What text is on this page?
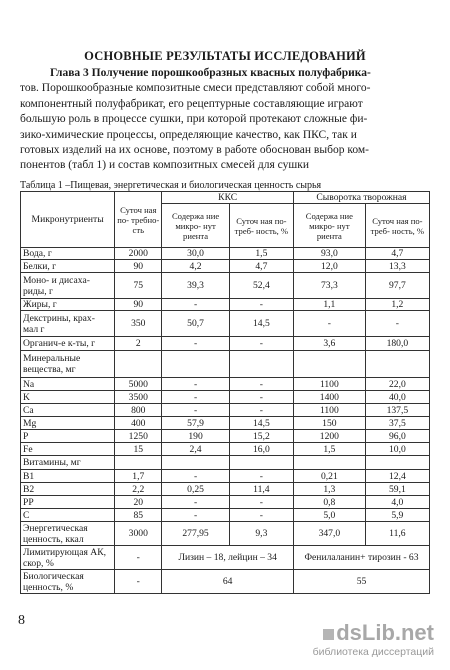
ОСНОВНЫЕ РЕЗУЛЬТАТЫ ИССЛЕДОВАНИЙ
Глава 3 Получение порошкообразных квасных полуфабрика-
тов. Порошкообразные композитные смеси представляют собой много-
компонентный полуфабрикат, его рецептурные составляющие играют
большую роль в процессе сушки, при которой протекают сложные фи-
зико-химические процессы, определяющие качество, как ПКС, так и
готовых изделий на их основе, поэтому в работе обоснован выбор ком-
понентов (табл 1) и состав композитных смесей для сушки
Таблица 1 –Пищевая, энергетическая и биологическая ценность сырья
Микронутриенты	Суточ ная по- требно- сть	ККС		Сыворотка творожная	
		Содержа ние микро- нут риента	Суточ ная по- треб- ность, %	Содержа ние микро- нут риента	Суточ ная по- треб- ность, %
Вода, г	2000	30,0	1,5	93,0	4,7
Белки, г	90	4,2	4,7	12,0	13,3
Моно- и дисаха- риды, г	75	39,3	52,4	73,3	97,7
Жиры, г	90	-	-	1,1	1,2
Декстрины, крах- мал г	350	50,7	14,5	-	-
Органич-е к-ты, г	2	-	-	3,6	180,0
Минеральные вещества, мг					
Na	5000	-	-	1100	22,0
K	3500	-	-	1400	40,0
Ca	800	-	-	1100	137,5
Mg	400	57,9	14,5	150	37,5
P	1250	190	15,2	1200	96,0
Fe	15	2,4	16,0	1,5	10,0
Витамины, мг					
B1	1,7	-	-	0,21	12,4
B2	2,2	0,25	11,4	1,3	59,1
PP	20	-	-	0,8	4,0
C	85	-	-	5,0	5,9
Энергетическая ценность, ккал	3000	277,95	9,3	347,0	11,6
Лимитирующая АК, скор, %	-	Лизин – 18, лейцин – 34		Фенилаланин+ тирозин - 63	
Биологическая ценность, %	-	64		55	
8	dsLib.net
библиотека диссертаций
